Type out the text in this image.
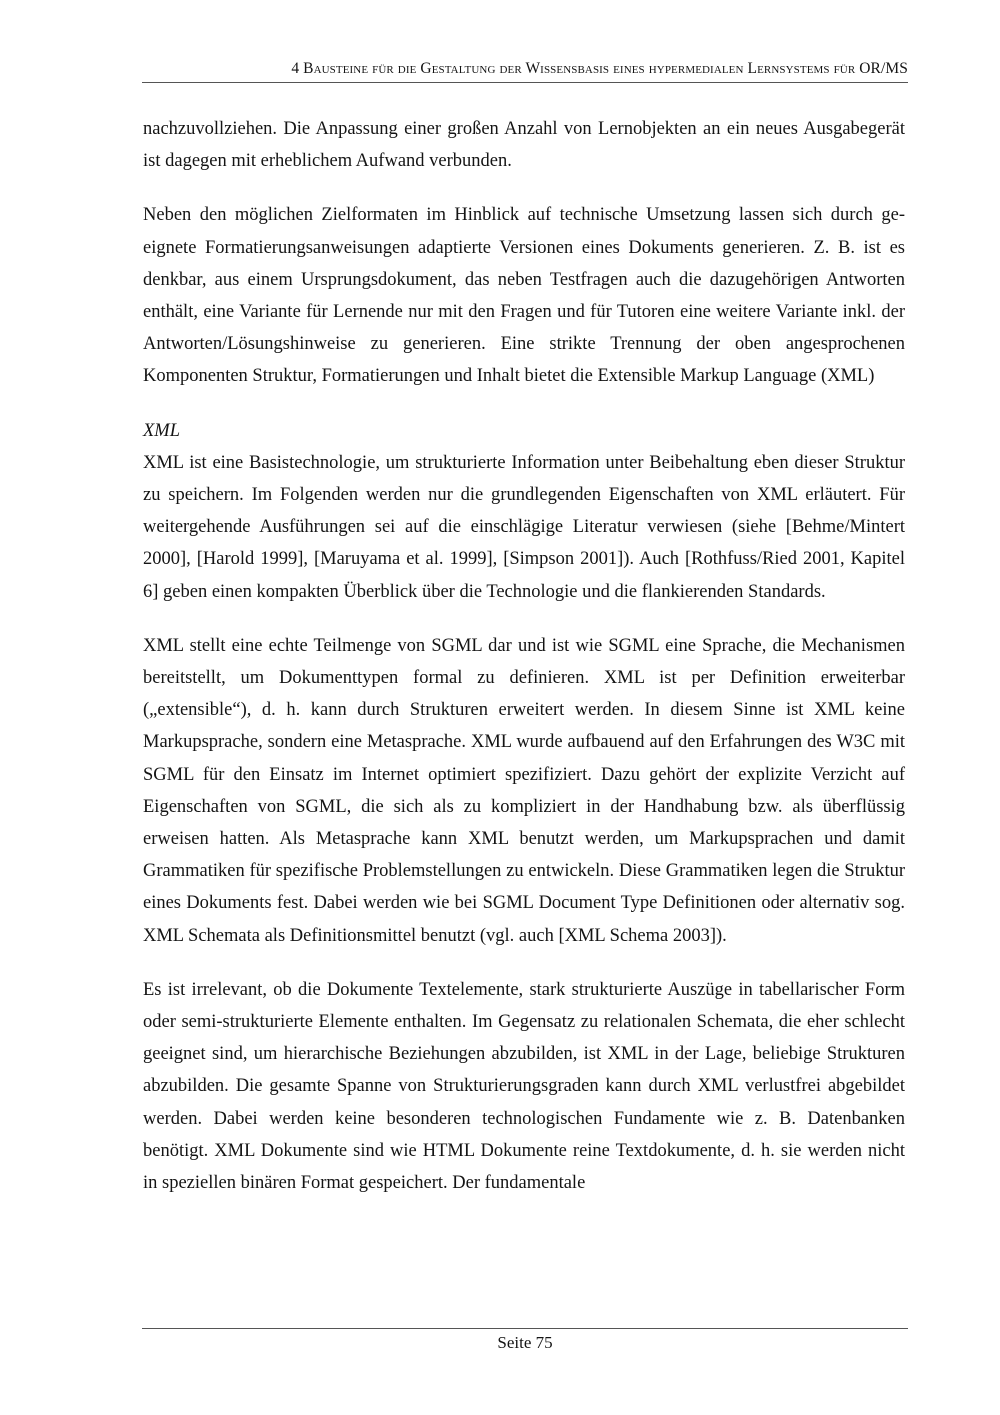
4 Bausteine für die Gestaltung der Wissensbasis eines hypermedialen Lernsystems für OR/MS

nachzuvollziehen. Die Anpassung einer großen Anzahl von Lernobjekten an ein neues Ausgabegerät ist dagegen mit erheblichem Aufwand verbunden.

Neben den möglichen Zielformaten im Hinblick auf technische Umsetzung lassen sich durch geeignete Formatierungsanweisungen adaptierte Versionen eines Dokuments generieren. Z. B. ist es denkbar, aus einem Ursprungsdokument, das neben Testfragen auch die dazugehörigen Antworten enthält, eine Variante für Lernende nur mit den Fragen und für Tutoren eine weitere Variante inkl. der Antworten/Lösungshinweise zu generieren. Eine strikte Trennung der oben angesprochenen Komponenten Struktur, Formatierungen und Inhalt bietet die Extensible Markup Language (XML)

XML

XML ist eine Basistechnologie, um strukturierte Information unter Beibehaltung eben dieser Struktur zu speichern. Im Folgenden werden nur die grundlegenden Eigenschaften von XML erläutert. Für weitergehende Ausführungen sei auf die einschlägige Literatur verwiesen (siehe [Behme/Mintert 2000], [Harold 1999], [Maruyama et al. 1999], [Simpson 2001]). Auch [Rothfuss/Ried 2001, Kapitel 6] geben einen kompakten Überblick über die Technologie und die flankierenden Standards.

XML stellt eine echte Teilmenge von SGML dar und ist wie SGML eine Sprache, die Mechanismen bereitstellt, um Dokumenttypen formal zu definieren. XML ist per Definition erweiterbar („extensible“), d. h. kann durch Strukturen erweitert werden. In diesem Sinne ist XML keine Markupsprache, sondern eine Metasprache. XML wurde aufbauend auf den Erfahrungen des W3C mit SGML für den Einsatz im Internet optimiert spezifiziert. Dazu gehört der explizite Verzicht auf Eigenschaften von SGML, die sich als zu kompliziert in der Handhabung bzw. als überflüssig erweisen hatten. Als Metasprache kann XML benutzt werden, um Markupsprachen und damit Grammatiken für spezifische Problemstellungen zu entwickeln. Diese Grammatiken legen die Struktur eines Dokuments fest. Dabei werden wie bei SGML Document Type Definitionen oder alternativ sog. XML Schemata als Definitionsmittel benutzt (vgl. auch [XML Schema 2003]).

Es ist irrelevant, ob die Dokumente Textelemente, stark strukturierte Auszüge in tabellarischer Form oder semi-strukturierte Elemente enthalten. Im Gegensatz zu relationalen Schemata, die eher schlecht geeignet sind, um hierarchische Beziehungen abzubilden, ist XML in der Lage, beliebige Strukturen abzubilden. Die gesamte Spanne von Strukturierungsgraden kann durch XML verlustfrei abgebildet werden. Dabei werden keine besonderen technologischen Fundamente wie z. B. Datenbanken benötigt. XML Dokumente sind wie HTML Dokumente reine Textdokumente, d. h. sie werden nicht in speziellen binären Format gespeichert. Der fundamentale

Seite 75
